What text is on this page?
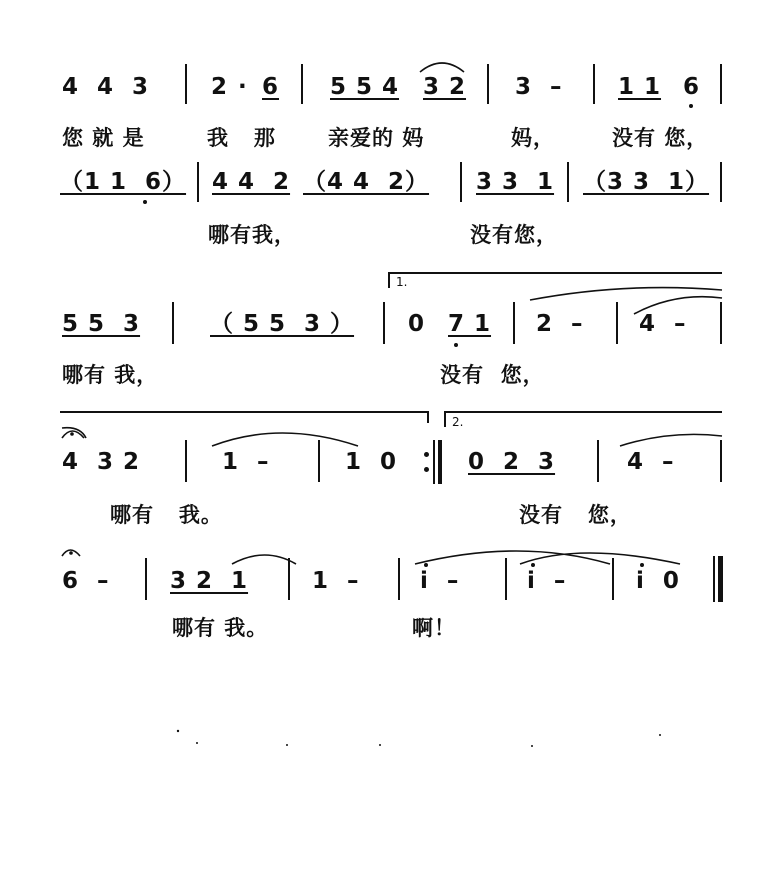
4  4  3	2 · 6 5 5 4 3 2 3  – 1 1 6
您 就 是	我   那 亲爱的 妈	妈，	没有 您，
（1 1  6） 4 4  2 （4 4  2） 3 3  1 （3 3  1）
哪有我，	没有您，
1.
5 5  3	（ 5 5  3 ） 0 7 1 2  – 4  –
哪有 我，	没有  您，
2.
4  3 2	1  –	1  0	0  2  3	4  –
哪有   我。	没有   您，
6  –	3 2  1	1  –	i  –	i  –	i  0
哪有 我。	啊！
